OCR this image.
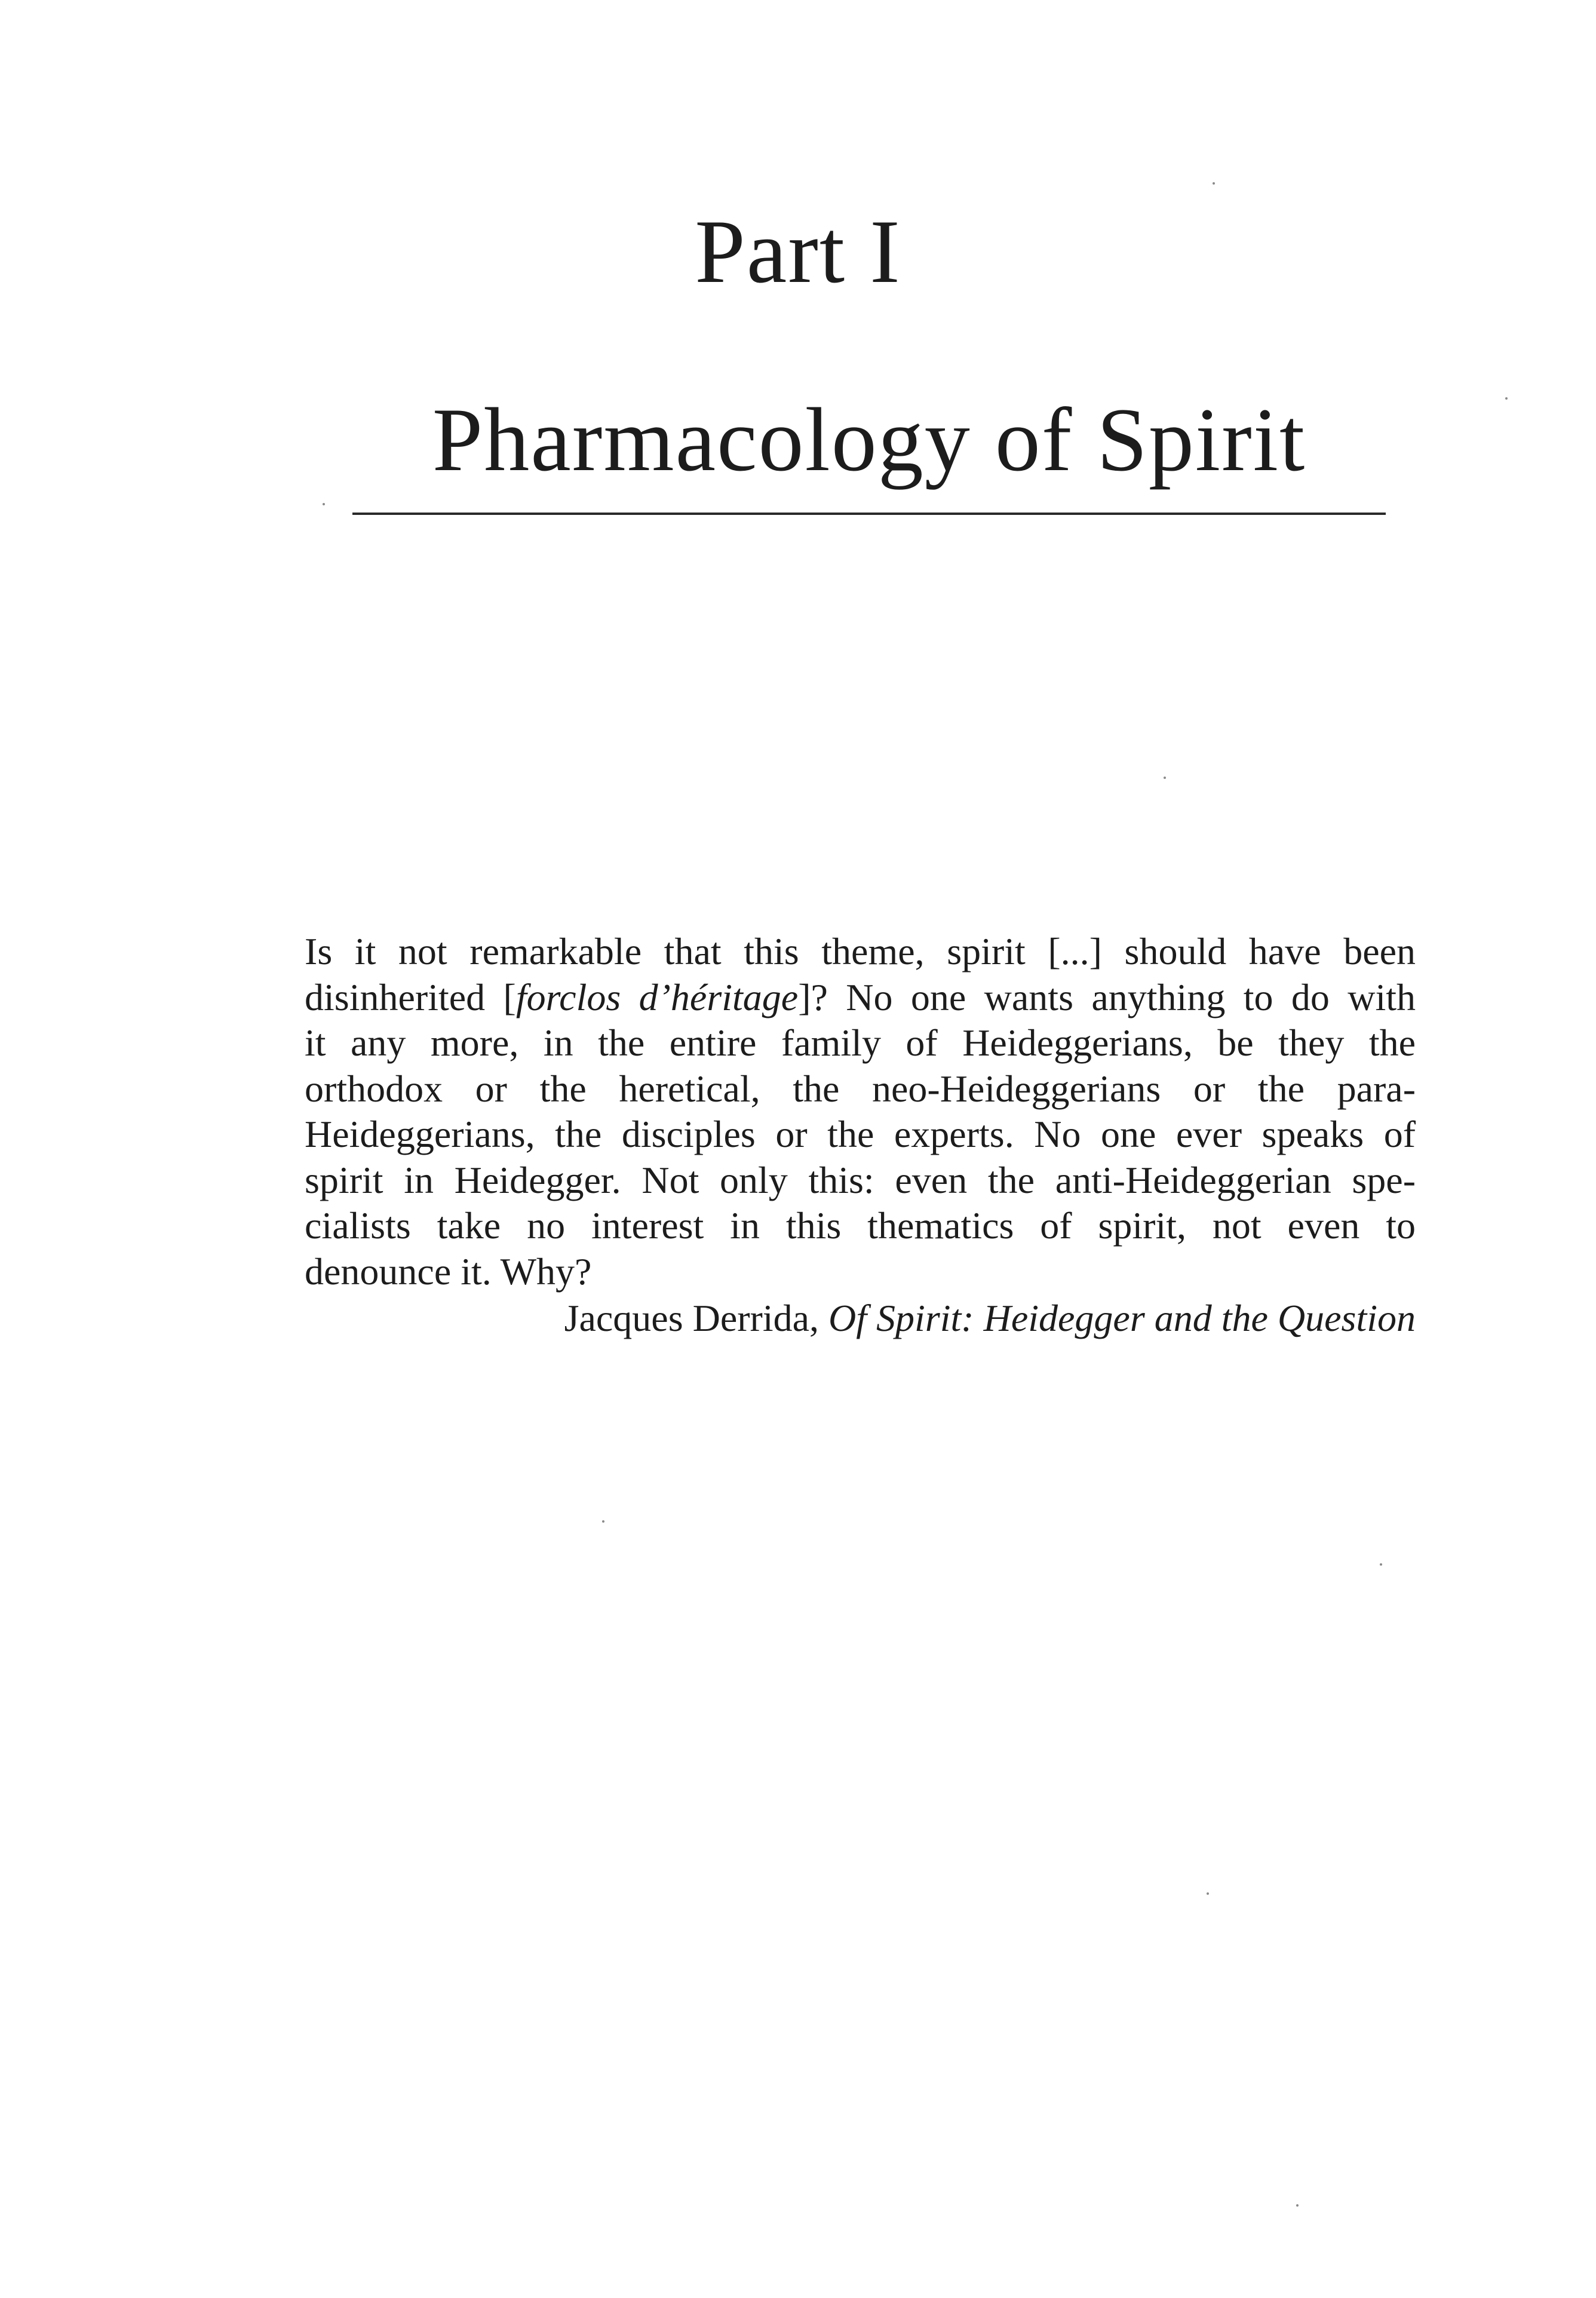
Part I
Pharmacology of Spirit
Is it not remarkable that this theme, spirit [...] should have been
disinherited [forclos d’héritage]? No one wants anything to do with
it any more, in the entire family of Heideggerians, be they the
orthodox or the heretical, the neo-Heideggerians or the para-
Heideggerians, the disciples or the experts. No one ever speaks of
spirit in Heidegger. Not only this: even the anti-Heideggerian spe-
cialists take no interest in this thematics of spirit, not even to
denounce it. Why?
Jacques Derrida, Of Spirit: Heidegger and the Question
